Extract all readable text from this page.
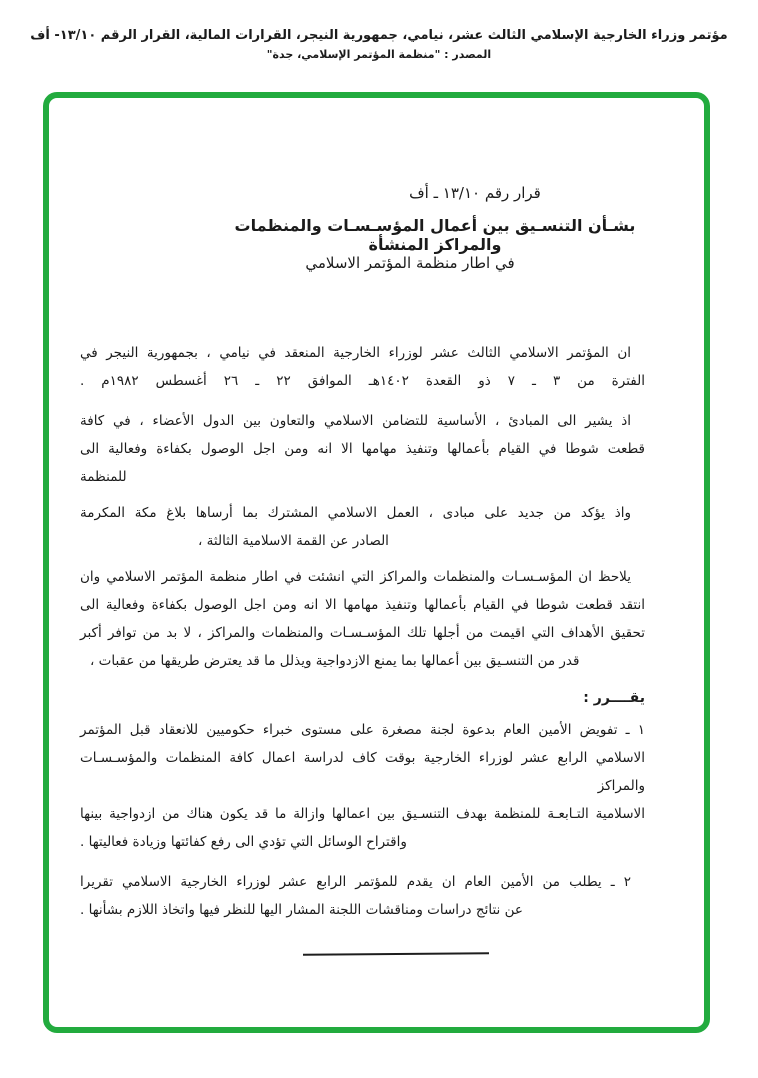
مؤتمر وزراء الخارجية الإسلامي الثالث عشر، نيامي، جمهورية النيجر، القرارات المالية، القرار الرقم ١٣/١٠- أف
المصدر : "منظمة المؤتمر الإسلامي، جدة"
قرار رقم ١٣/١٠ ـ أف
بشـأن التنسـيق بين أعمال المؤسـسـات والمنظمات والمراكز المنشأة
في اطار منظمة المؤتمر الاسلامي
ان المؤتمر الاسلامي الثالث عشر لوزراء الخارجية المنعقد في نيامي ، بجمهورية النيجر في
الفترة من ٣ ـ ٧ ذو القعدة ١٤٠٢هـ الموافق ٢٢ ـ ٢٦ أغسطس ١٩٨٢م .
اذ يشير الى المبادئ ، الأساسية للتضامن الاسلامي والتعاون بين الدول الأعضاء ، في كافة
قطعت شوطا في القيام بأعمالها وتنفيذ مهامها الا انه ومن اجل الوصول بكفاءة وفعالية الى
للمنظمة
واذ يؤكد من جديد على مبادى ، العمل الاسلامي المشترك بما أرساها بلاغ مكة المكرمة
الصادر عن القمة الاسلامية الثالثة ،
يلاحظ ان المؤسـسـات والمنظمات والمراكز التي انشئت في اطار منظمة المؤتمر الاسلامي وان
انتقد قطعت شوطا في القيام بأعمالها وتنفيذ مهامها الا انه ومن اجل الوصول بكفاءة وفعالية الى
تحقيق الأهداف التي اقيمت من أجلها تلك المؤسـسـات والمنظمات والمراكز ، لا بد من توافر أكبر
قدر من التنسـيق بين أعمالها بما يمنع الازدواجية ويذلل ما قد يعترض طريقها من عقبات ،
يقــــرر :
١ ـ تفويض الأمين العام بدعوة لجنة مصغرة على مستوى خبراء حكوميين للانعقاد قبل المؤتمر
الاسلامي الرابع عشر لوزراء الخارجية بوقت كاف لدراسة اعمال كافة المنظمات والمؤسـسـات والمراكز
الاسلامية التـابعـة للمنظمة بهدف التنسـيق بين اعمالها وازالة ما قد يكون هناك من ازدواجية بينها
واقتراح الوسائل التي تؤدي الى رفع كفائتها وزيادة فعاليتها .
٢ ـ يطلب من الأمين العام ان يقدم للمؤتمر الرابع عشر لوزراء الخارجية الاسلامي تقريرا
عن نتائج دراسات ومناقشات اللجنة المشار اليها للنظر فيها واتخاذ اللازم بشأنها .
